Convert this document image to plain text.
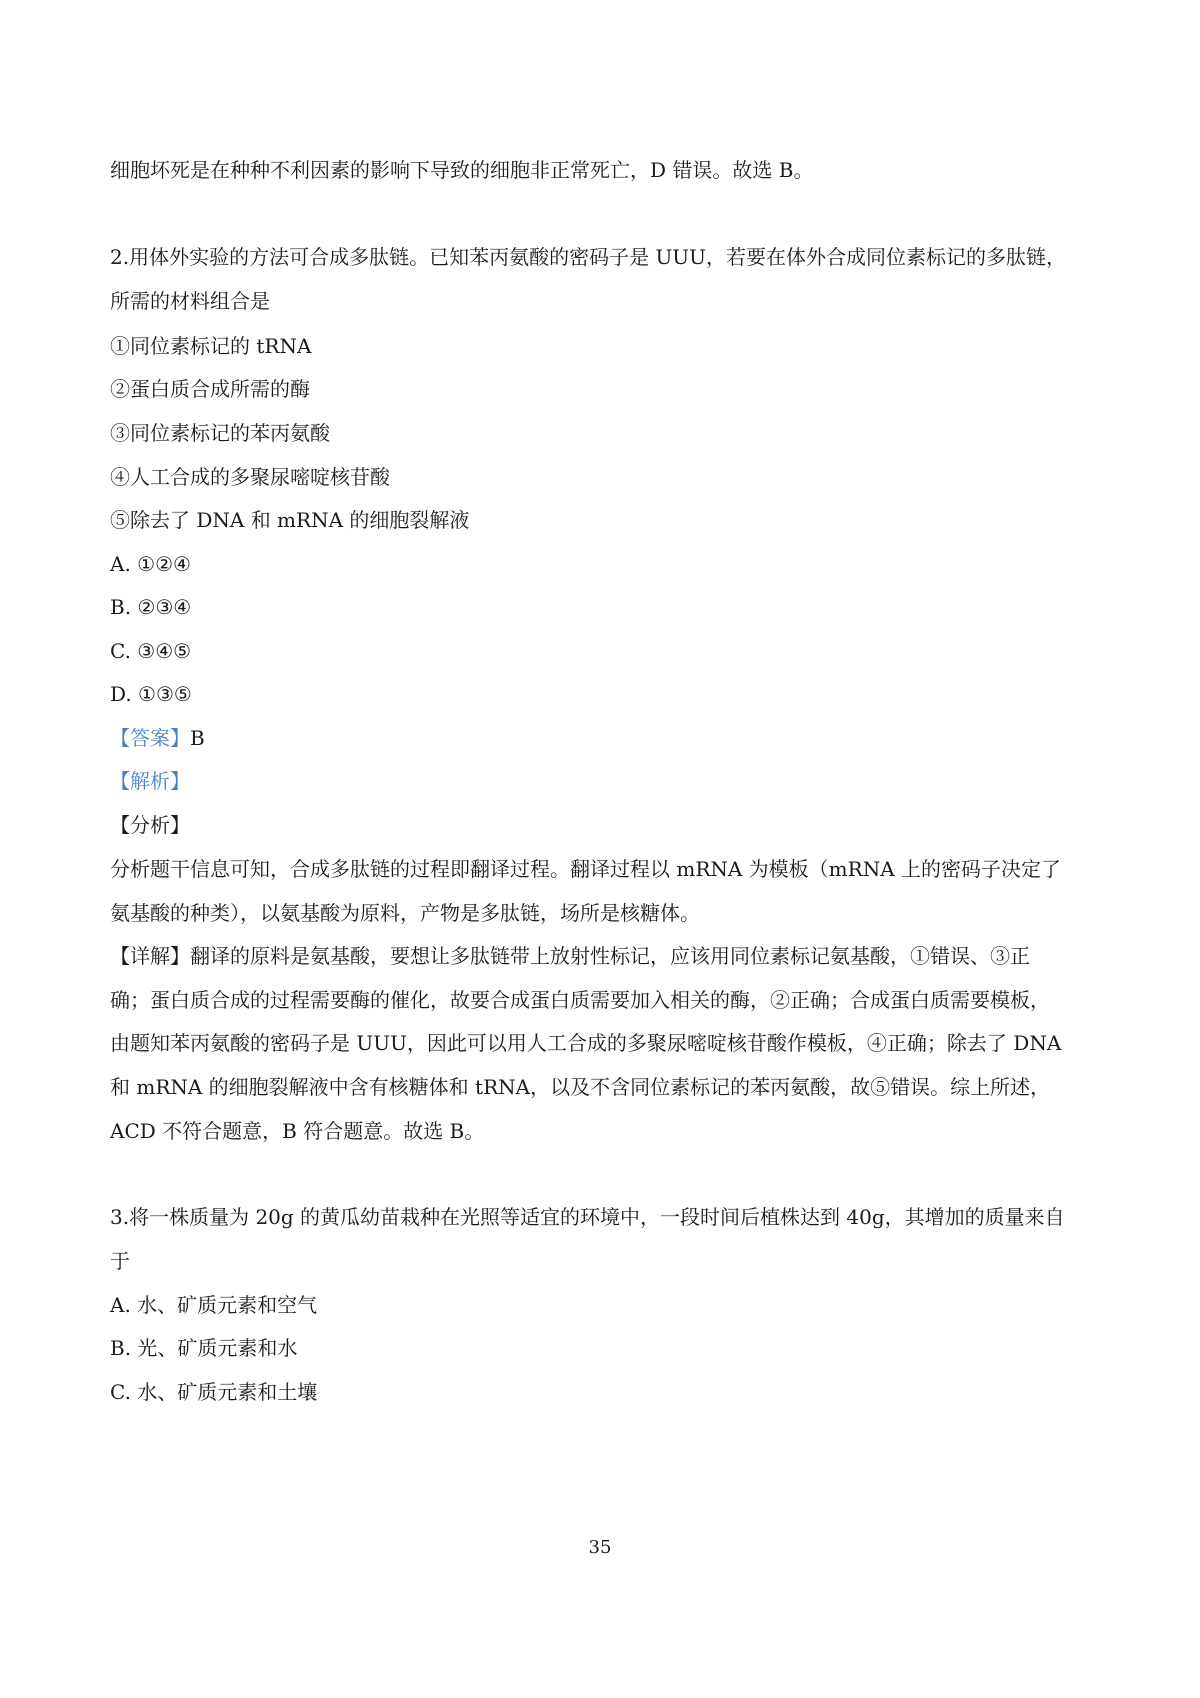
细胞坏死是在种种不利因素的影响下导致的细胞非正常死亡，D 错误。故选 B。
2.用体外实验的方法可合成多肽链。已知苯丙氨酸的密码子是 UUU，若要在体外合成同位素标记的多肽链，
所需的材料组合是
①同位素标记的 tRNA
②蛋白质合成所需的酶
③同位素标记的苯丙氨酸
④人工合成的多聚尿嘧啶核苷酸
⑤除去了 DNA 和 mRNA 的细胞裂解液
A. ①②④
B. ②③④
C. ③④⑤
D. ①③⑤
【答案】B
【解析】
【分析】
分析题干信息可知，合成多肽链的过程即翻译过程。翻译过程以 mRNA 为模板（mRNA 上的密码子决定了
氨基酸的种类），以氨基酸为原料，产物是多肽链，场所是核糖体。
【详解】翻译的原料是氨基酸，要想让多肽链带上放射性标记，应该用同位素标记氨基酸，①错误、③正
确；蛋白质合成的过程需要酶的催化，故要合成蛋白质需要加入相关的酶，②正确；合成蛋白质需要模板，
由题知苯丙氨酸的密码子是 UUU，因此可以用人工合成的多聚尿嘧啶核苷酸作模板，④正确；除去了 DNA
和 mRNA 的细胞裂解液中含有核糖体和 tRNA，以及不含同位素标记的苯丙氨酸，故⑤错误。综上所述，
ACD 不符合题意，B 符合题意。故选 B。
3.将一株质量为 20g 的黄瓜幼苗栽种在光照等适宜的环境中，一段时间后植株达到 40g，其增加的质量来自
于
A. 水、矿质元素和空气
B. 光、矿质元素和水
C. 水、矿质元素和土壤
35
